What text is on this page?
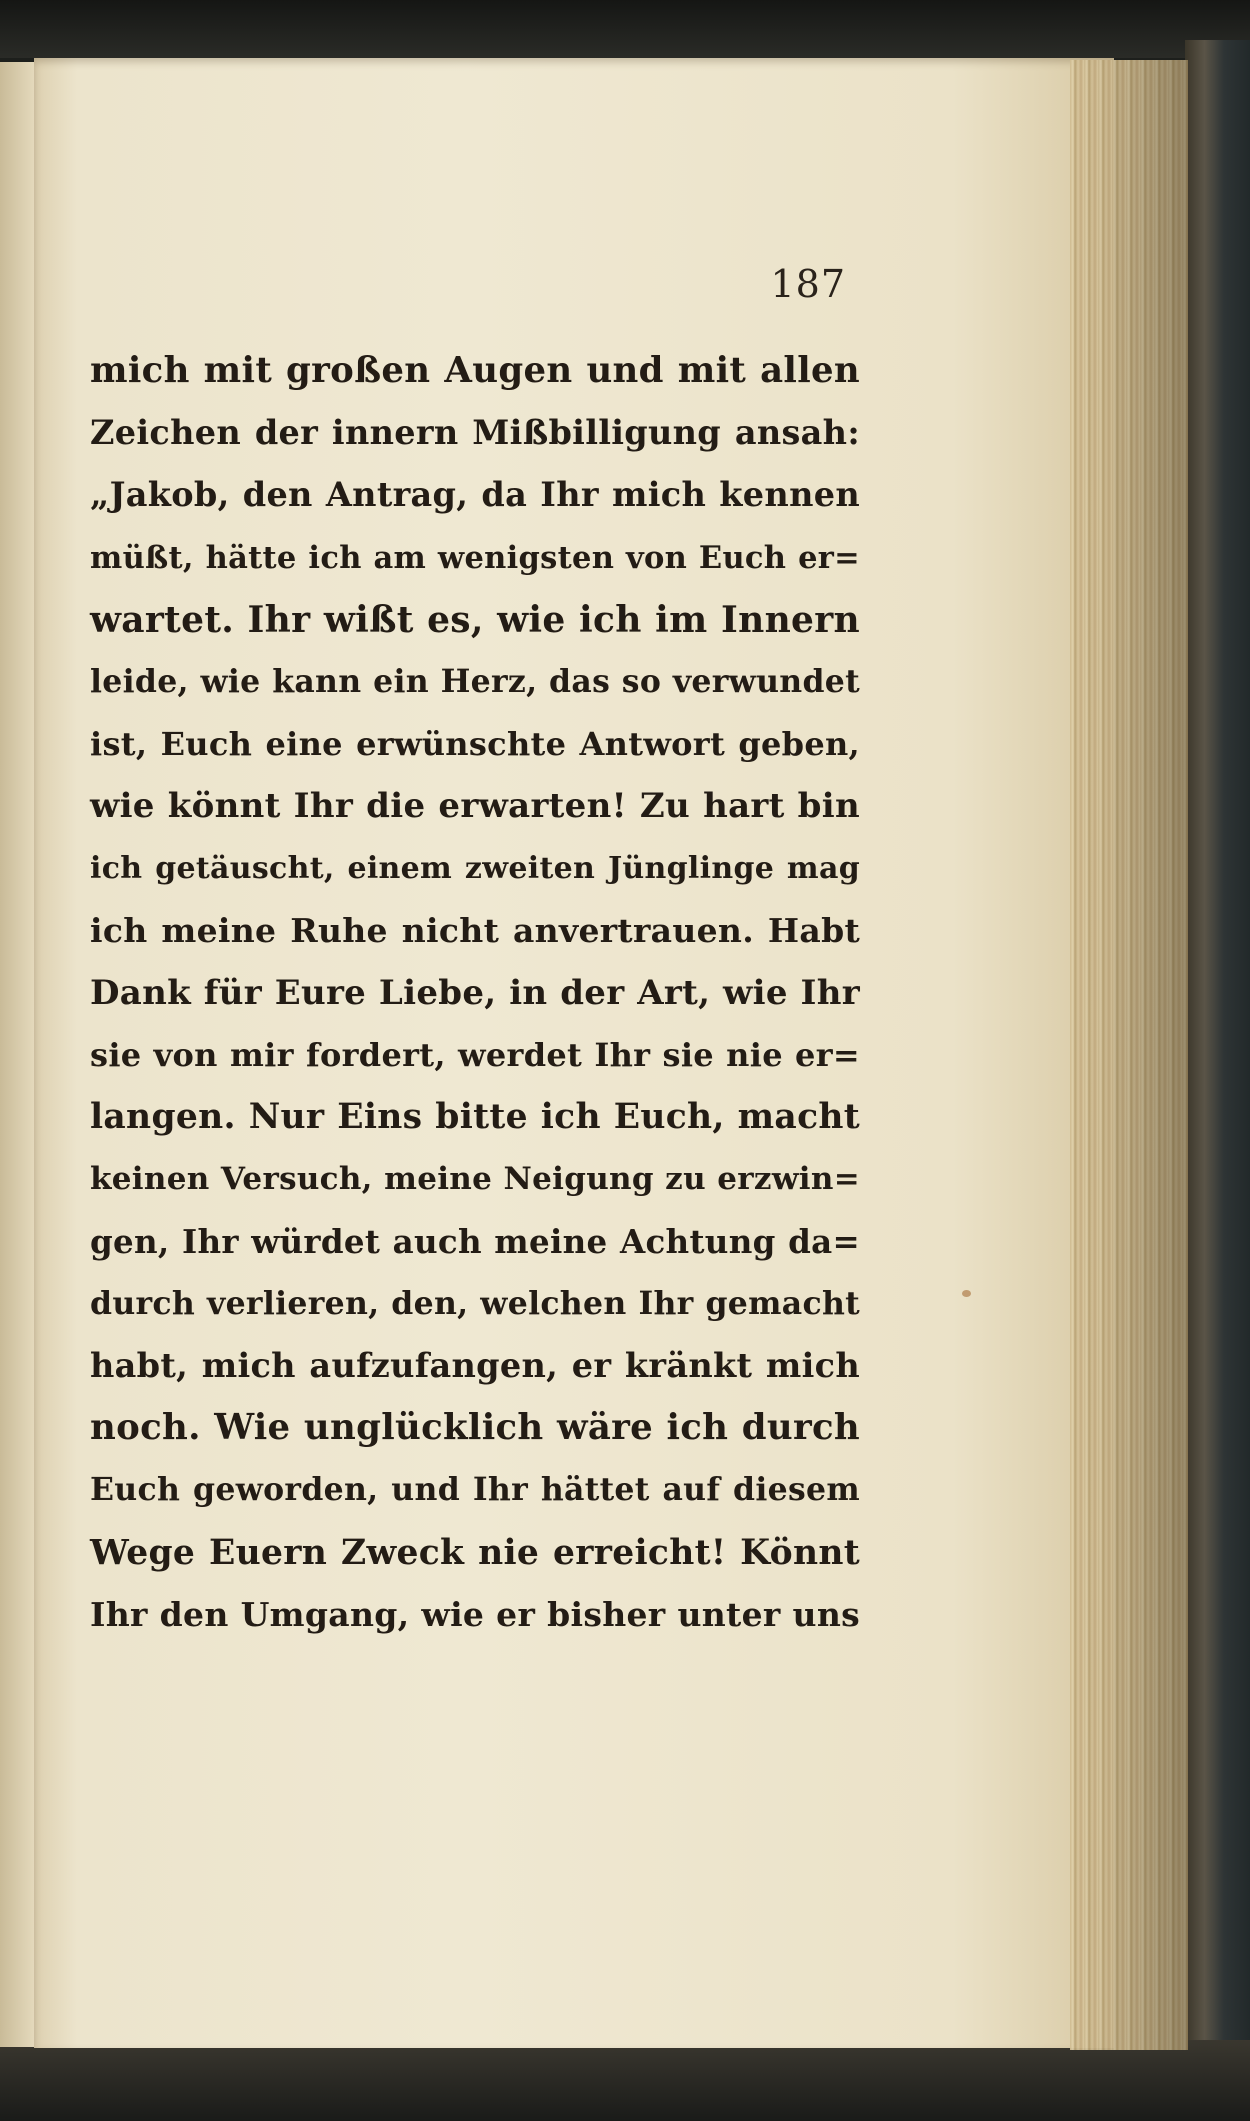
187
mich mit großen Augen und mit allen
Zeichen der innern Mißbilligung ansah:
„Jakob, den Antrag, da Ihr mich kennen
müßt, hätte ich am wenigsten von Euch er=
wartet. Ihr wißt es, wie ich im Innern
leide, wie kann ein Herz, das so verwundet
ist, Euch eine erwünschte Antwort geben,
wie könnt Ihr die erwarten! Zu hart bin
ich getäuscht, einem zweiten Jünglinge mag
ich meine Ruhe nicht anvertrauen. Habt
Dank für Eure Liebe, in der Art, wie Ihr
sie von mir fordert, werdet Ihr sie nie er=
langen. Nur Eins bitte ich Euch, macht
keinen Versuch, meine Neigung zu erzwin=
gen, Ihr würdet auch meine Achtung da=
durch verlieren, den, welchen Ihr gemacht
habt, mich aufzufangen, er kränkt mich
noch. Wie unglücklich wäre ich durch
Euch geworden, und Ihr hättet auf diesem
Wege Euern Zweck nie erreicht! Könnt
Ihr den Umgang, wie er bisher unter uns
